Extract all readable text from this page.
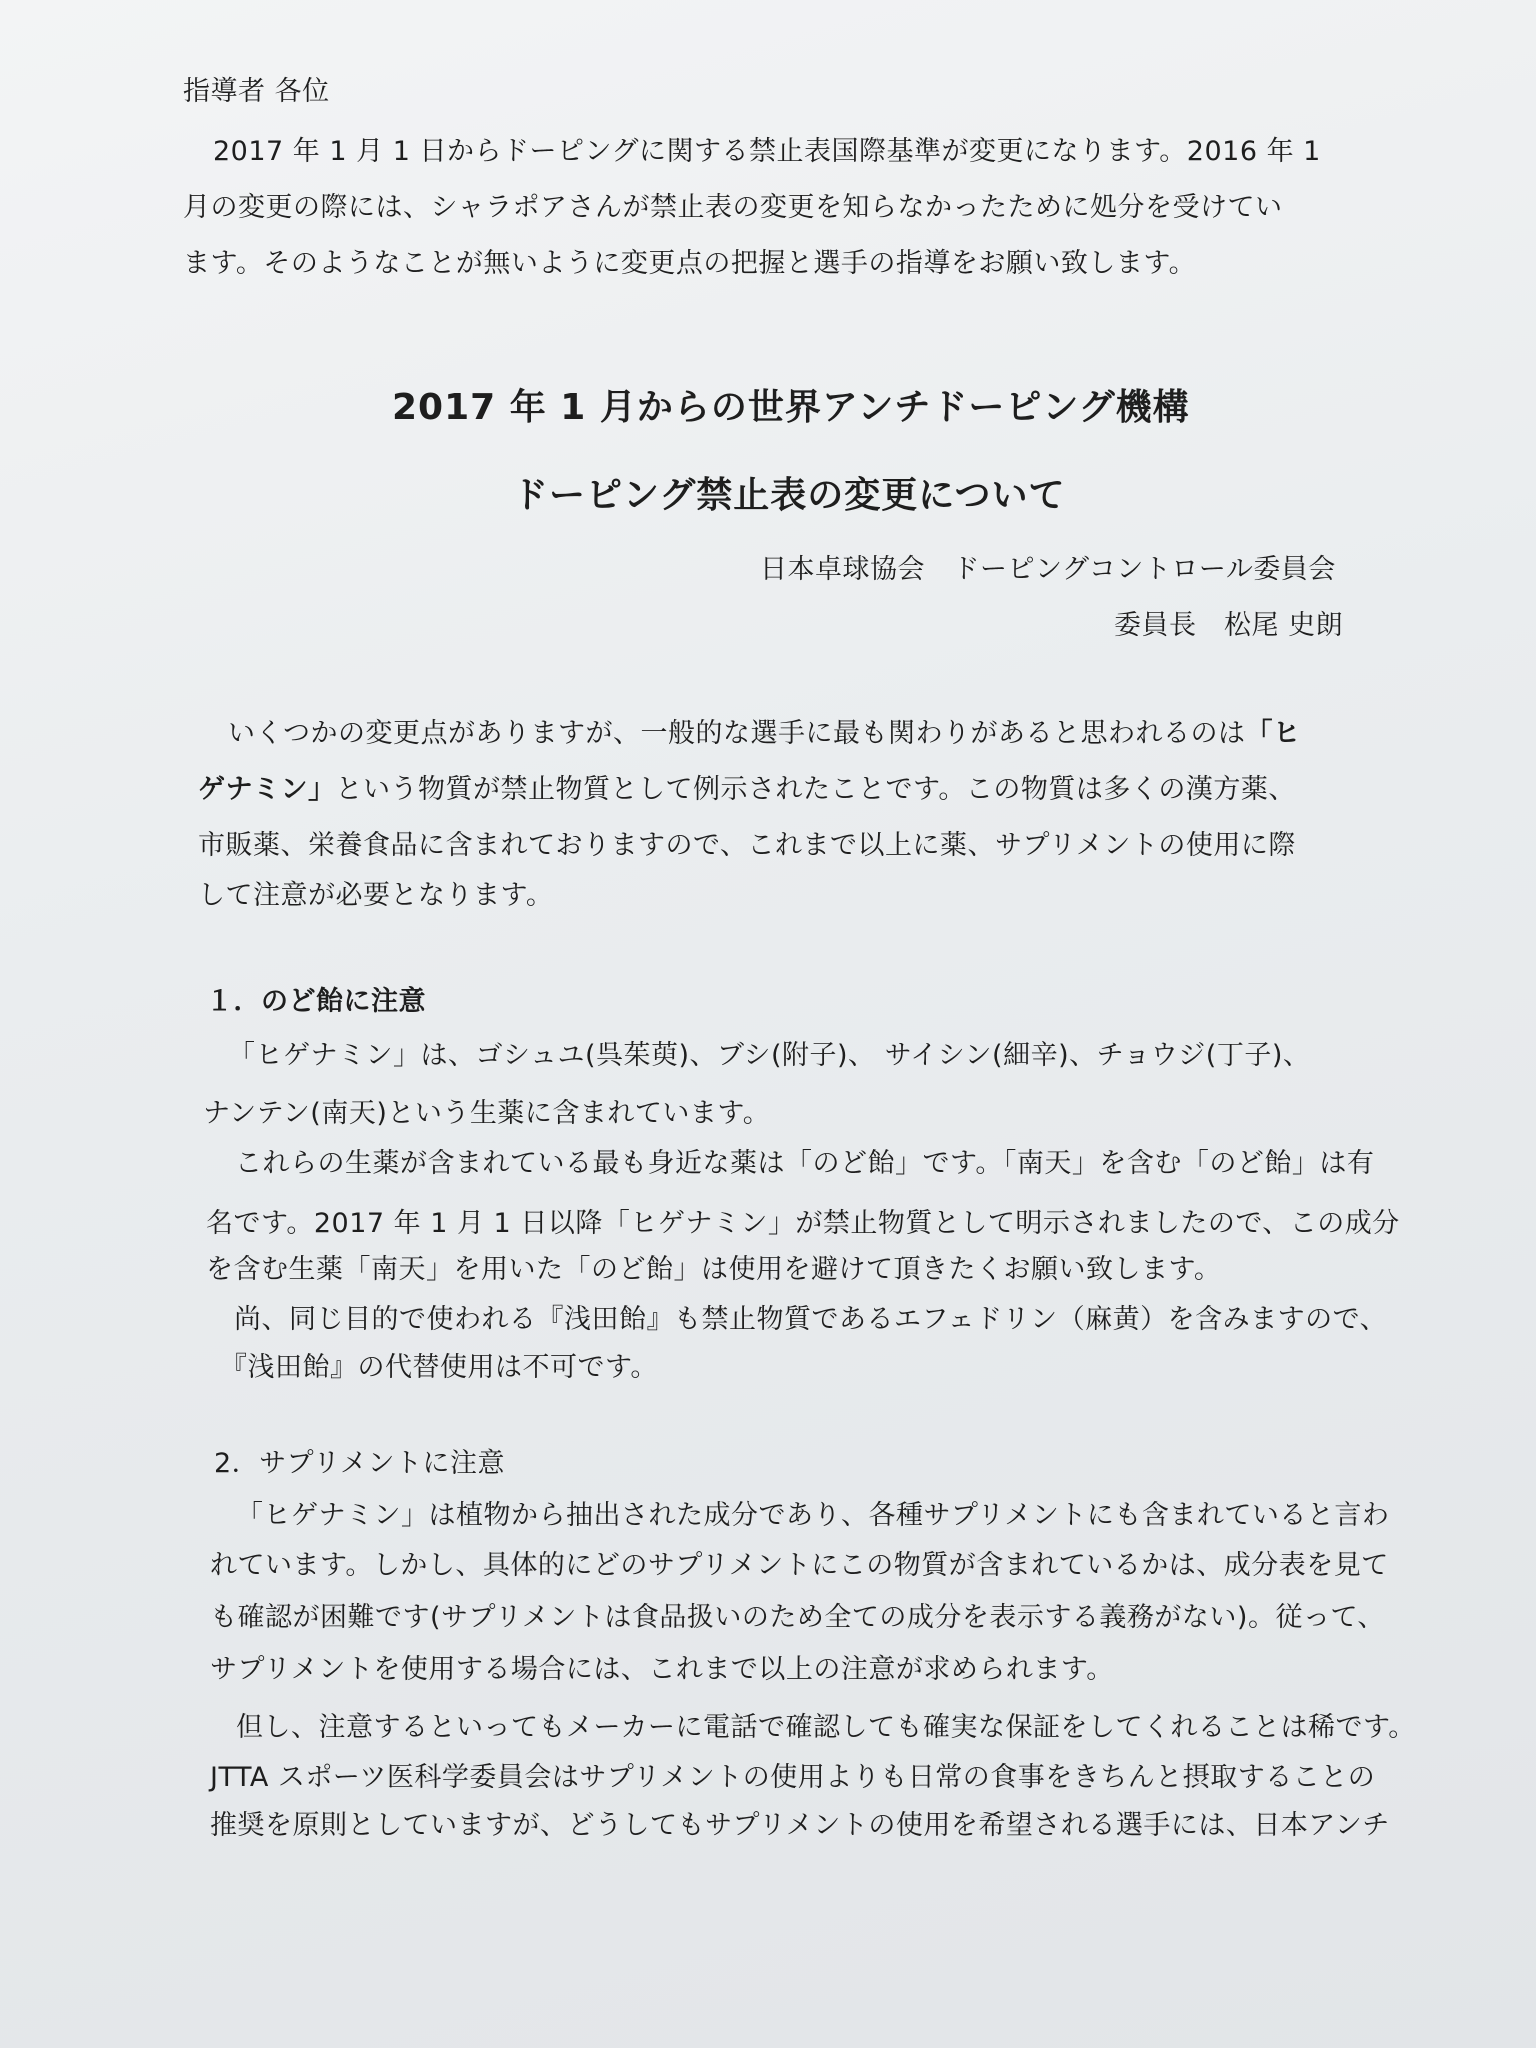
指導者 各位
2017 年 1 月 1 日からドーピングに関する禁止表国際基準が変更になります。2016 年 1
月の変更の際には、シャラポアさんが禁止表の変更を知らなかったために処分を受けてい
ます。そのようなことが無いように変更点の把握と選手の指導をお願い致します。
2017 年 1 月からの世界アンチドーピング機構
ドーピング禁止表の変更について
日本卓球協会　ドーピングコントロール委員会
委員長　松尾 史朗
いくつかの変更点がありますが、一般的な選手に最も関わりがあると思われるのは「ヒ
ゲナミン」という物質が禁止物質として例示されたことです。この物質は多くの漢方薬、
市販薬、栄養食品に含まれておりますので、これまで以上に薬、サプリメントの使用に際
して注意が必要となります。
１．のど飴に注意
「ヒゲナミン」は、ゴシュユ(呉茱萸)、ブシ(附子)、 サイシン(細辛)、チョウジ(丁子)、
ナンテン(南天)という生薬に含まれています。
これらの生薬が含まれている最も身近な薬は「のど飴」です。「南天」を含む「のど飴」は有
名です。2017 年 1 月 1 日以降「ヒゲナミン」が禁止物質として明示されましたので、この成分
を含む生薬「南天」を用いた「のど飴」は使用を避けて頂きたくお願い致します。
尚、同じ目的で使われる『浅田飴』も禁止物質であるエフェドリン（麻黄）を含みますので、
『浅田飴』の代替使用は不可です。
2．サプリメントに注意
「ヒゲナミン」は植物から抽出された成分であり、各種サプリメントにも含まれていると言わ
れています。しかし、具体的にどのサプリメントにこの物質が含まれているかは、成分表を見て
も確認が困難です(サプリメントは食品扱いのため全ての成分を表示する義務がない)。従って、
サプリメントを使用する場合には、これまで以上の注意が求められます。
但し、注意するといってもメーカーに電話で確認しても確実な保証をしてくれることは稀です。
JTTA スポーツ医科学委員会はサプリメントの使用よりも日常の食事をきちんと摂取することの
推奨を原則としていますが、どうしてもサプリメントの使用を希望される選手には、日本アンチ
